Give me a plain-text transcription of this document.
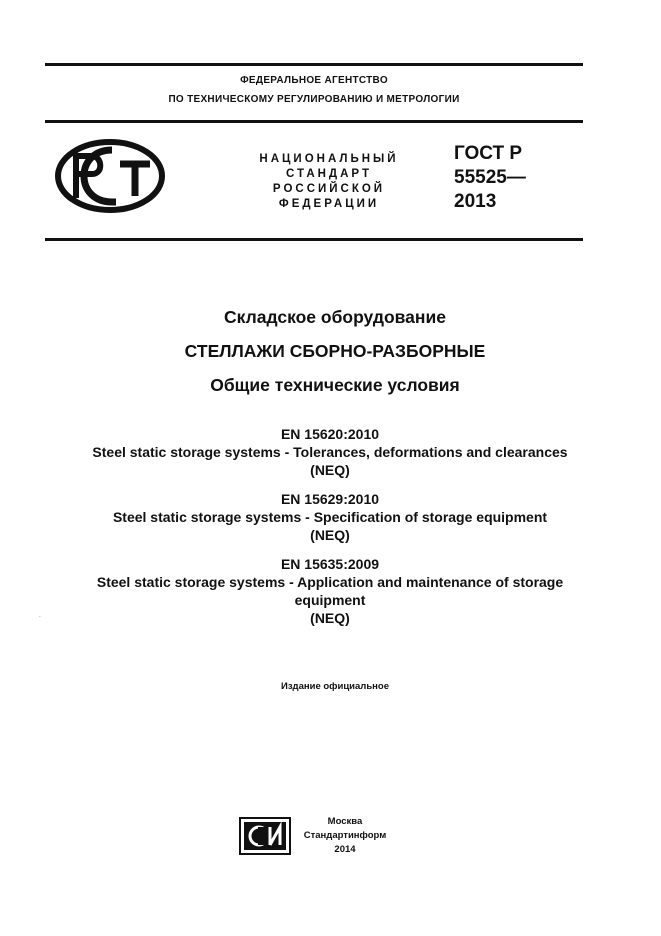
ФЕДЕРАЛЬНОЕ АГЕНТСТВО
ПО ТЕХНИЧЕСКОМУ РЕГУЛИРОВАНИЮ И МЕТРОЛОГИИ
НАЦИОНАЛЬНЫЙ
СТАНДАРТ
РОССИЙСКОЙ
ФЕДЕРАЦИИ
ГОСТ Р
55525—
2013
Складское оборудование
СТЕЛЛАЖИ СБОРНО-РАЗБОРНЫЕ
Общие технические условия
EN 15620:2010
Steel static storage systems - Tolerances, deformations and clearances
(NEQ)
EN 15629:2010
Steel static storage systems - Specification of storage equipment
(NEQ)
EN 15635:2009
Steel static storage systems - Application and maintenance of storage
equipment
(NEQ)
Издание официальное
СИ
Москва
Стандартинформ
2014
